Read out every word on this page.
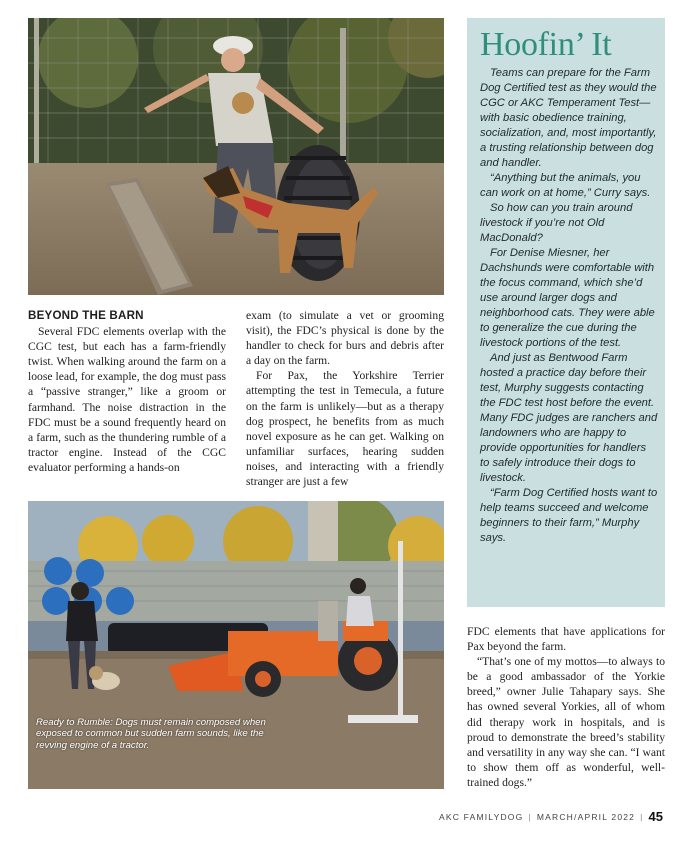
BEYOND THE BARN

Several FDC elements overlap with the CGC test, but each has a farm-friendly twist. When walking around the farm on a loose lead, for example, the dog must pass a “passive stranger,” like a groom or farmhand. The noise distraction in the FDC must be a sound frequently heard on a farm, such as the thundering rumble of a tractor engine. Instead of the CGC evaluator performing a hands-on

exam (to simulate a vet or grooming visit), the FDC’s physical is done by the handler to check for burs and debris after a day on the farm.

For Pax, the Yorkshire Terrier attempting the test in Temecula, a future on the farm is unlikely—but as a therapy dog prospect, he benefits from as much novel exposure as he can get. Walking on unfamiliar surfaces, hearing sudden noises, and interacting with a friendly stranger are just a few

Ready to Rumble: Dogs must remain composed when exposed to common but sudden farm sounds, like the revving engine of a tractor.
Hoofin’ It

Teams can prepare for the Farm Dog Certified test as they would the CGC or AKC Temperament Test—with basic obedience training, socialization, and, most importantly, a trusting relationship between dog and handler.

“Anything but the animals, you can work on at home,” Curry says.

So how can you train around livestock if you’re not Old MacDonald?

For Denise Miesner, her Dachshunds were comfortable with the focus command, which she’d use around larger dogs and neighborhood cats. They were able to generalize the cue during the livestock portions of the test.

And just as Bentwood Farm hosted a practice day before their test, Murphy suggests contacting the FDC test host before the event. Many FDC judges are ranchers and landowners who are happy to provide opportunities for handlers to safely introduce their dogs to livestock.

“Farm Dog Certified hosts want to help teams succeed and welcome beginners to their farm,” Murphy says.

FDC elements that have applications for Pax beyond the farm.

“That’s one of my mottos—to always to be a good ambassador of the Yorkie breed,” owner Julie Tahapary says. She has owned several Yorkies, all of whom did therapy work in hospitals, and is proud to demonstrate the breed’s stability and versatility in any way she can. “I want to show them off as wonderful, well-trained dogs.”

AKC FAMILYDOG | MARCH/APRIL 2022 | 45
